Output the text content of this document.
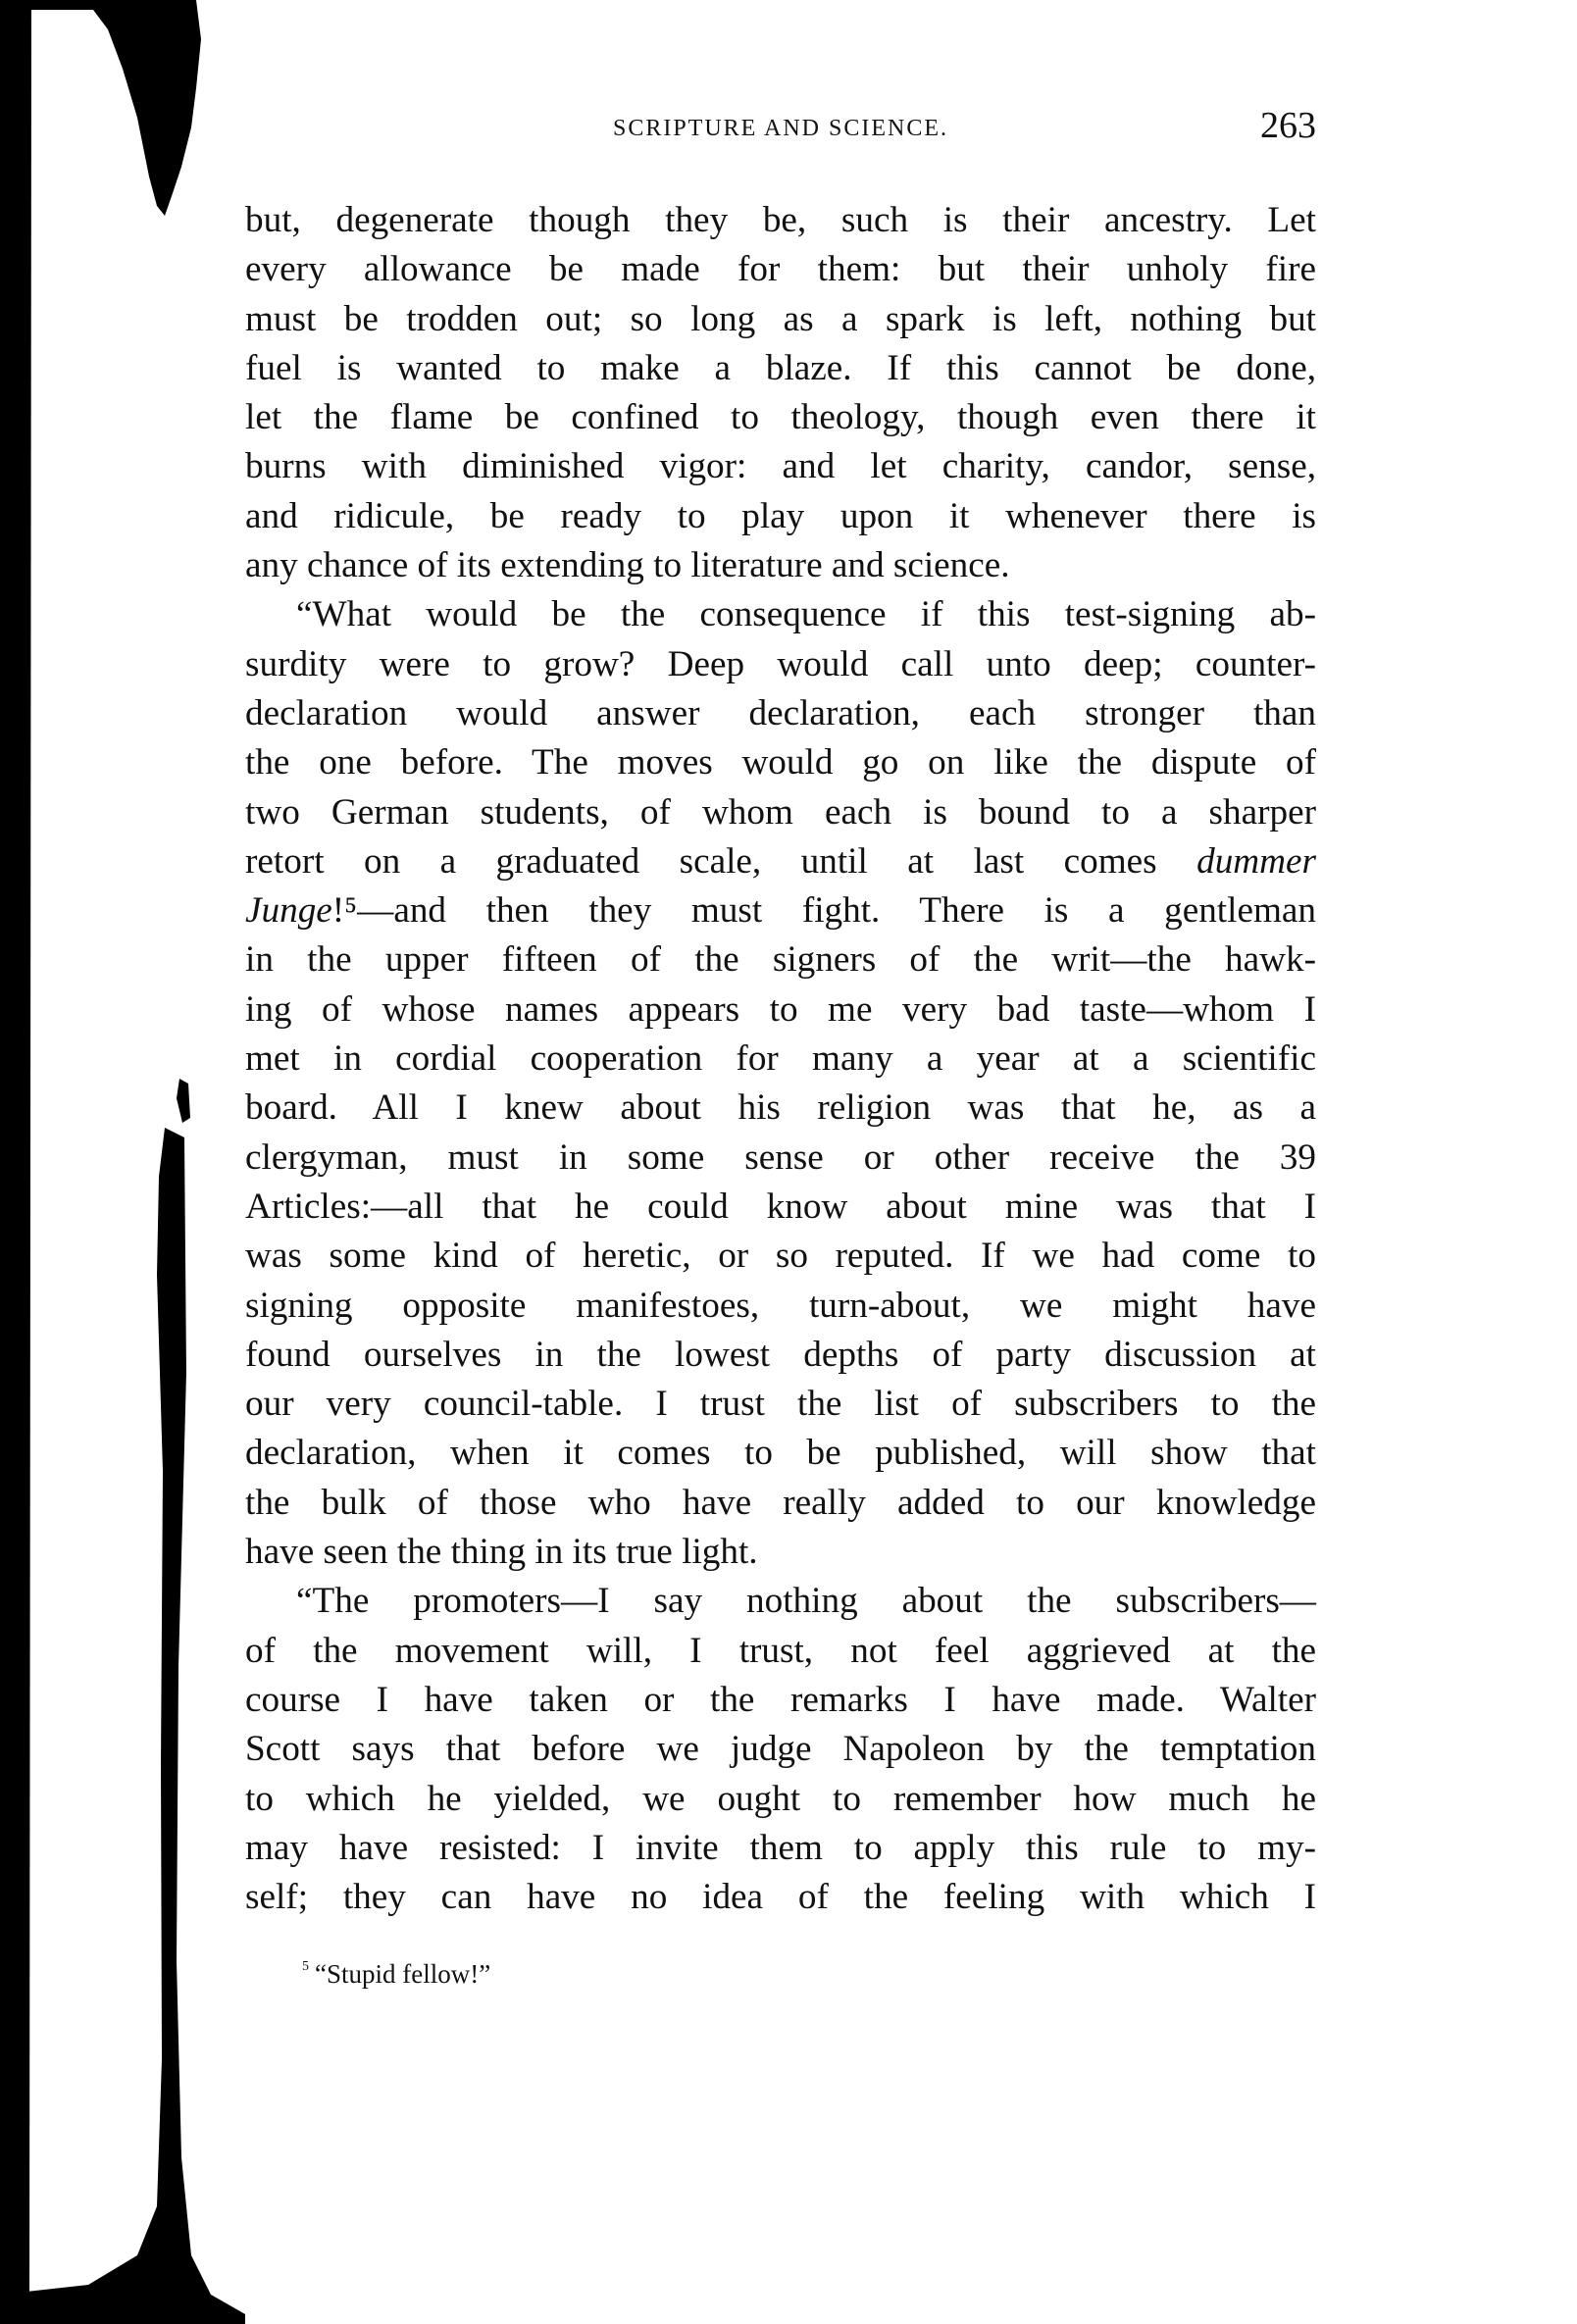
SCRIPTURE AND SCIENCE.	263
but, degenerate though they be, such is their ancestry. Let
every allowance be made for them: but their unholy fire
must be trodden out; so long as a spark is left, nothing but
fuel is wanted to make a blaze. If this cannot be done,
let the flame be confined to theology, though even there it
burns with diminished vigor: and let charity, candor, sense,
and ridicule, be ready to play upon it whenever there is
any chance of its extending to literature and science.
“What would be the consequence if this test-signing ab-
surdity were to grow? Deep would call unto deep; counter-
declaration would answer declaration, each stronger than
the one before. The moves would go on like the dispute of
two German students, of whom each is bound to a sharper
retort on a graduated scale, until at last comes dummer
Junge!⁵—and then they must fight. There is a gentleman
in the upper fifteen of the signers of the writ—the hawk-
ing of whose names appears to me very bad taste—whom I
met in cordial cooperation for many a year at a scientific
board. All I knew about his religion was that he, as a
clergyman, must in some sense or other receive the 39
Articles:—all that he could know about mine was that I
was some kind of heretic, or so reputed. If we had come to
signing opposite manifestoes, turn-about, we might have
found ourselves in the lowest depths of party discussion at
our very council-table. I trust the list of subscribers to the
declaration, when it comes to be published, will show that
the bulk of those who have really added to our knowledge
have seen the thing in its true light.
“The promoters—I say nothing about the subscribers—
of the movement will, I trust, not feel aggrieved at the
course I have taken or the remarks I have made. Walter
Scott says that before we judge Napoleon by the temptation
to which he yielded, we ought to remember how much he
may have resisted: I invite them to apply this rule to my-
self; they can have no idea of the feeling with which I
$^5$ “Stupid fellow!”
